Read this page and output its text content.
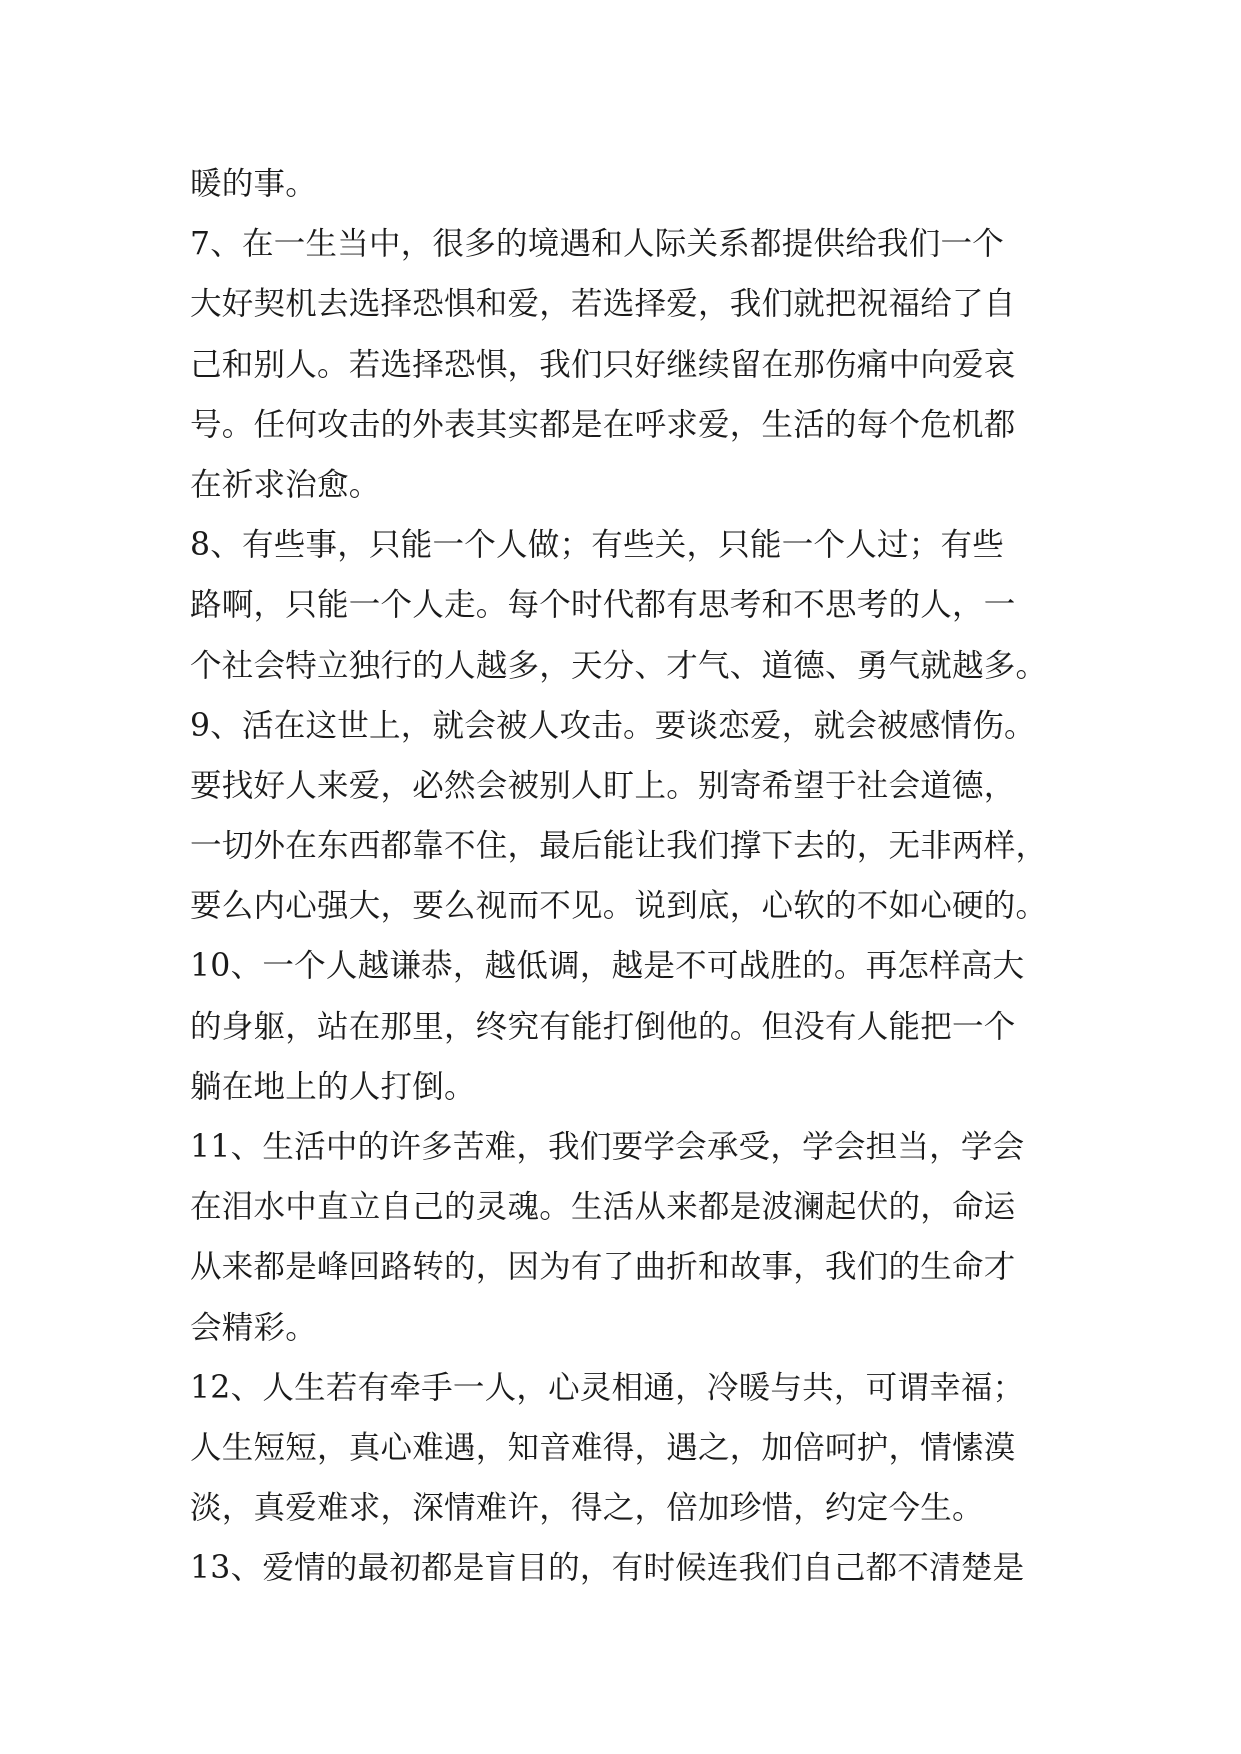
暖的事。
7、在一生当中，很多的境遇和人际关系都提供给我们一个
大好契机去选择恐惧和爱，若选择爱，我们就把祝福给了自
己和别人。若选择恐惧，我们只好继续留在那伤痛中向爱哀
号。任何攻击的外表其实都是在呼求爱，生活的每个危机都
在祈求治愈。
8、有些事，只能一个人做；有些关，只能一个人过；有些
路啊，只能一个人走。每个时代都有思考和不思考的人，一
个社会特立独行的人越多，天分、才气、道德、勇气就越多。
9、活在这世上，就会被人攻击。要谈恋爱，就会被感情伤。
要找好人来爱，必然会被别人盯上。别寄希望于社会道德，
一切外在东西都靠不住，最后能让我们撑下去的，无非两样，
要么内心强大，要么视而不见。说到底，心软的不如心硬的。
10、一个人越谦恭，越低调，越是不可战胜的。再怎样高大
的身躯，站在那里，终究有能打倒他的。但没有人能把一个
躺在地上的人打倒。
11、生活中的许多苦难，我们要学会承受，学会担当，学会
在泪水中直立自己的灵魂。生活从来都是波澜起伏的，命运
从来都是峰回路转的，因为有了曲折和故事，我们的生命才
会精彩。
12、人生若有牵手一人，心灵相通，冷暖与共，可谓幸福；
人生短短，真心难遇，知音难得，遇之，加倍呵护，情愫漠
淡，真爱难求，深情难许，得之，倍加珍惜，约定今生。
13、爱情的最初都是盲目的，有时候连我们自己都不清楚是
